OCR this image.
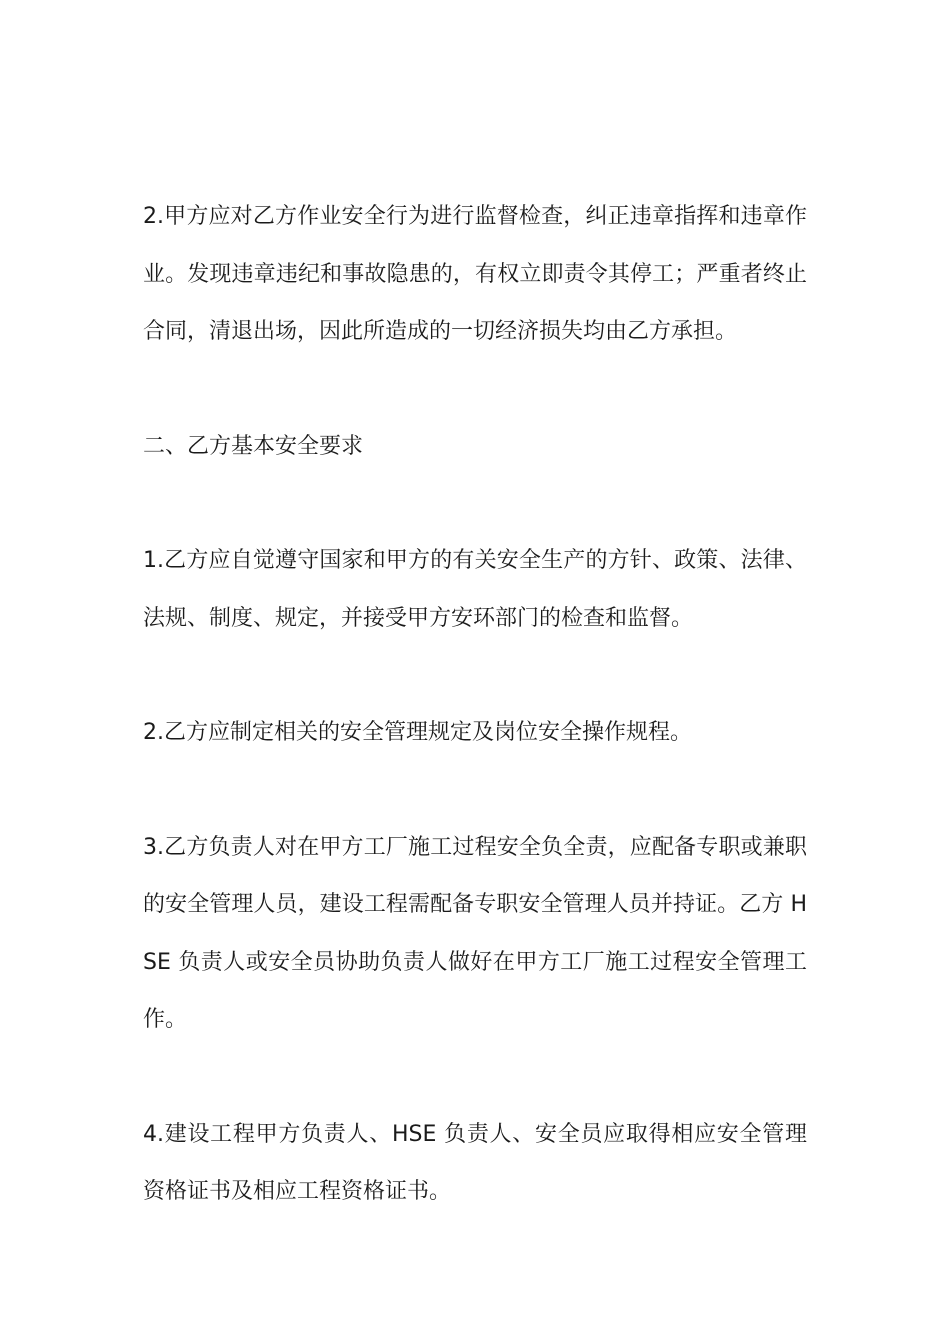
2.甲方应对乙方作业安全行为进行监督检查，纠正违章指挥和违章作业。发现违章违纪和事故隐患的，有权立即责令其停工；严重者终止合同，清退出场，因此所造成的一切经济损失均由乙方承担。

二、乙方基本安全要求

1.乙方应自觉遵守国家和甲方的有关安全生产的方针、政策、法律、法规、制度、规定，并接受甲方安环部门的检查和监督。

2.乙方应制定相关的安全管理规定及岗位安全操作规程。

3.乙方负责人对在甲方工厂施工过程安全负全责，应配备专职或兼职的安全管理人员，建设工程需配备专职安全管理人员并持证。乙方 HSE 负责人或安全员协助负责人做好在甲方工厂施工过程安全管理工作。

4.建设工程甲方负责人、HSE 负责人、安全员应取得相应安全管理资格证书及相应工程资格证书。
